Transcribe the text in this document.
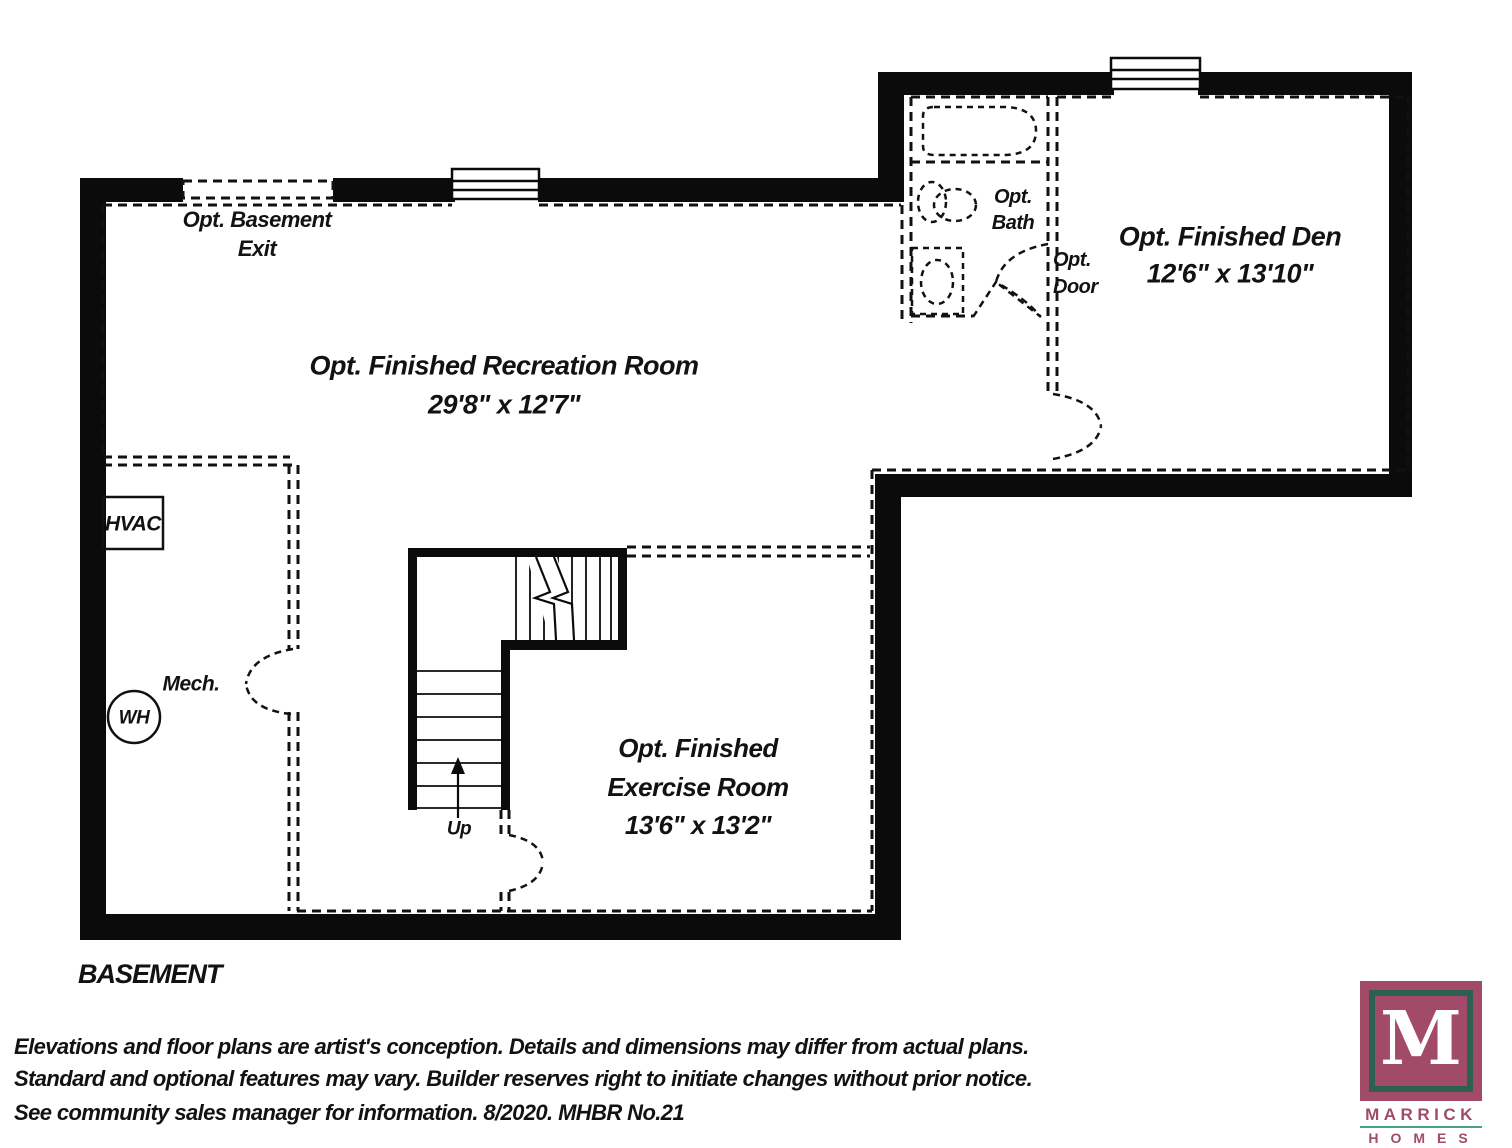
Opt. Basement
Exit
Opt. Finished Recreation Room
29'8" x 12'7"
Opt. Finished Den
12'6" x 13'10"
Opt. Finished
Exercise Room
13'6" x 13'2"
Opt.
Bath
Opt.
Door
HVAC
Mech.
WH
Up
BASEMENT
Elevations and floor plans are artist's conception. Details and dimensions may differ from actual plans.
Standard and optional features may vary. Builder reserves right to initiate changes without prior notice.
See community sales manager for information. 8/2020. MHBR No.21
M
MARRICK
HOMES
